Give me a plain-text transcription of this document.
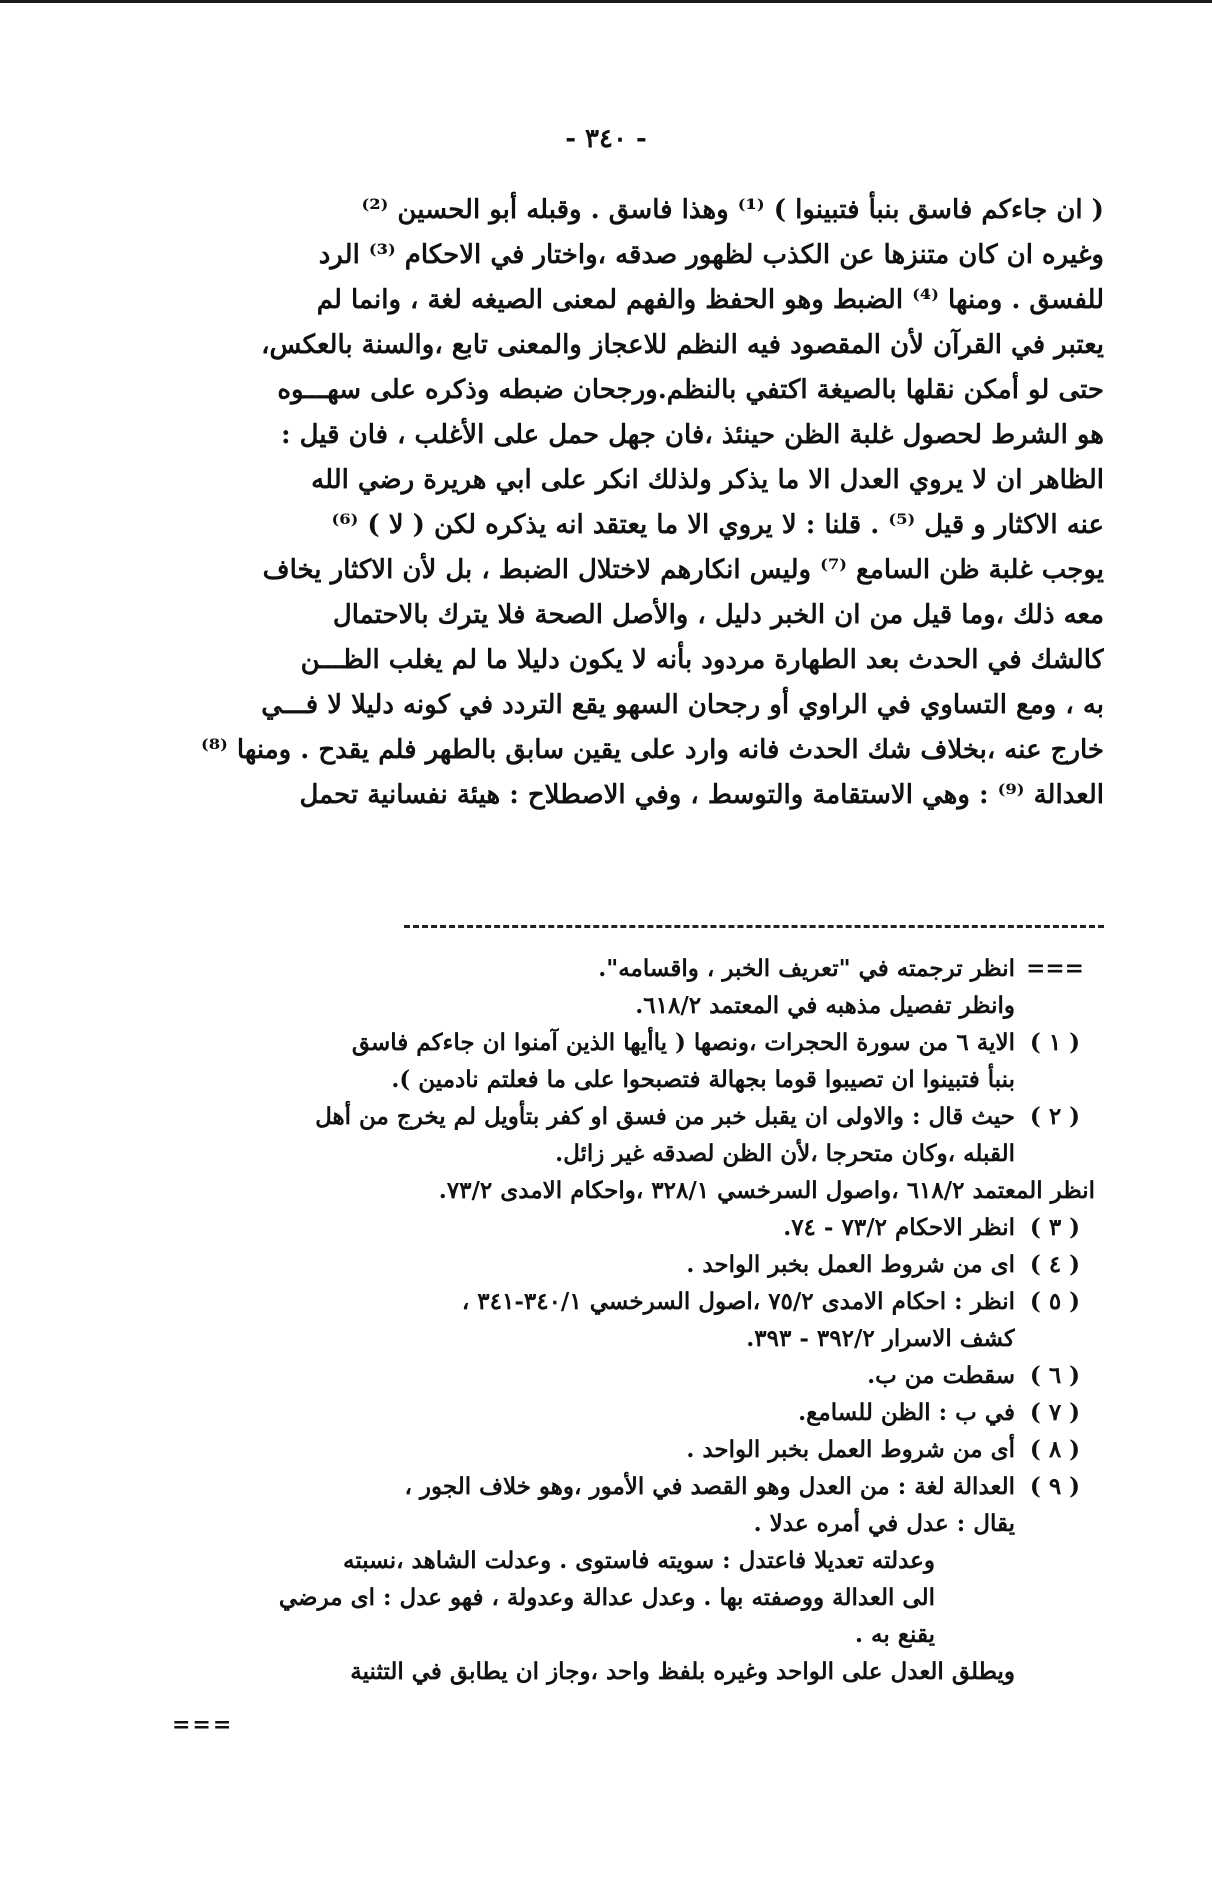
- ٣٤٠ -
( ان جاءكم فاسق بنبأ فتبينوا ) ⁽¹⁾ وهذا فاسق . وقبله أبو الحسين ⁽²⁾
وغيره ان كان متنزها عن الكذب لظهور صدقه ،واختار في الاحكام ⁽³⁾ الرد
للفسق . ومنها ⁽⁴⁾ الضبط وهو الحفظ والفهم لمعنى الصيغه لغة ، وانما لم
يعتبر في القرآن لأن المقصود فيه النظم للاعجاز والمعنى تابع ،والسنة بالعكس،
حتى لو أمكن نقلها بالصيغة اكتفي بالنظم.ورجحان ضبطه وذكره على سهـــوه
هو الشرط لحصول غلبة الظن حينئذ ،فان جهل حمل على الأغلب ، فان قيل :
الظاهر ان لا يروي العدل الا ما يذكر ولذلك انكر على ابي هريرة رضي الله
عنه الاكثار و قيل ⁽⁵⁾ . قلنا : لا يروي الا ما يعتقد انه يذكره لكن ( لا ) ⁽⁶⁾
يوجب غلبة ظن السامع ⁽⁷⁾ وليس انكارهم لاختلال الضبط ، بل لأن الاكثار يخاف
معه ذلك ،وما قيل من ان الخبر دليل ، والأصل الصحة فلا يترك بالاحتمال
كالشك في الحدث بعد الطهارة مردود بأنه لا يكون دليلا ما لم يغلب الظـــن
به ، ومع التساوي في الراوي أو رجحان السهو يقع التردد في كونه دليلا لا فـــي
خارج عنه ،بخلاف شك الحدث فانه وارد على يقين سابق بالطهر فلم يقدح . ومنها ⁽⁸⁾
العدالة ⁽⁹⁾ : وهي الاستقامة والتوسط ، وفي الاصطلاح : هيئة نفسانية تحمل
===
انظر ترجمته في "تعريف الخبر ، واقسامه".
وانظر تفصيل مذهبه في المعتمد ٦١٨/٢.
( ١ )
الاية ٦ من سورة الحجرات ،ونصها ( ياأيها الذين آمنوا ان جاءكم فاسق
بنبأ فتبينوا ان تصيبوا قوما بجهالة فتصبحوا على ما فعلتم نادمين ).
( ٢ )
حيث قال : والاولى ان يقبل خبر من فسق او كفر بتأويل لم يخرج من أهل
القبله ،وكان متحرجا ،لأن الظن لصدقه غير زائل.
انظر المعتمد ٦١٨/٢ ،واصول السرخسي ٣٢٨/١ ،واحكام الامدى ٧٣/٢.
( ٣ )
انظر الاحكام ٧٣/٢ - ٧٤.
( ٤ )
اى من شروط العمل بخبر الواحد .
( ٥ )
انظر : احكام الامدى ٧٥/٢ ،اصول السرخسي ٣٤٠/١-٣٤١ ،
كشف الاسرار ٣٩٢/٢ - ٣٩٣.
( ٦ )
سقطت من ب.
( ٧ )
في ب : الظن للسامع.
( ٨ )
أى من شروط العمل بخبر الواحد .
( ٩ )
العدالة لغة : من العدل وهو القصد في الأمور ،وهو خلاف الجور ،
يقال : عدل في أمره عدلا .
وعدلته تعديلا فاعتدل : سويته فاستوى . وعدلت الشاهد ،نسبته
الى العدالة ووصفته بها . وعدل عدالة وعدولة ، فهو عدل : اى مرضي
يقنع به .
ويطلق العدل على الواحد وغيره بلفظ واحد ،وجاز ان يطابق في التثنية
===
